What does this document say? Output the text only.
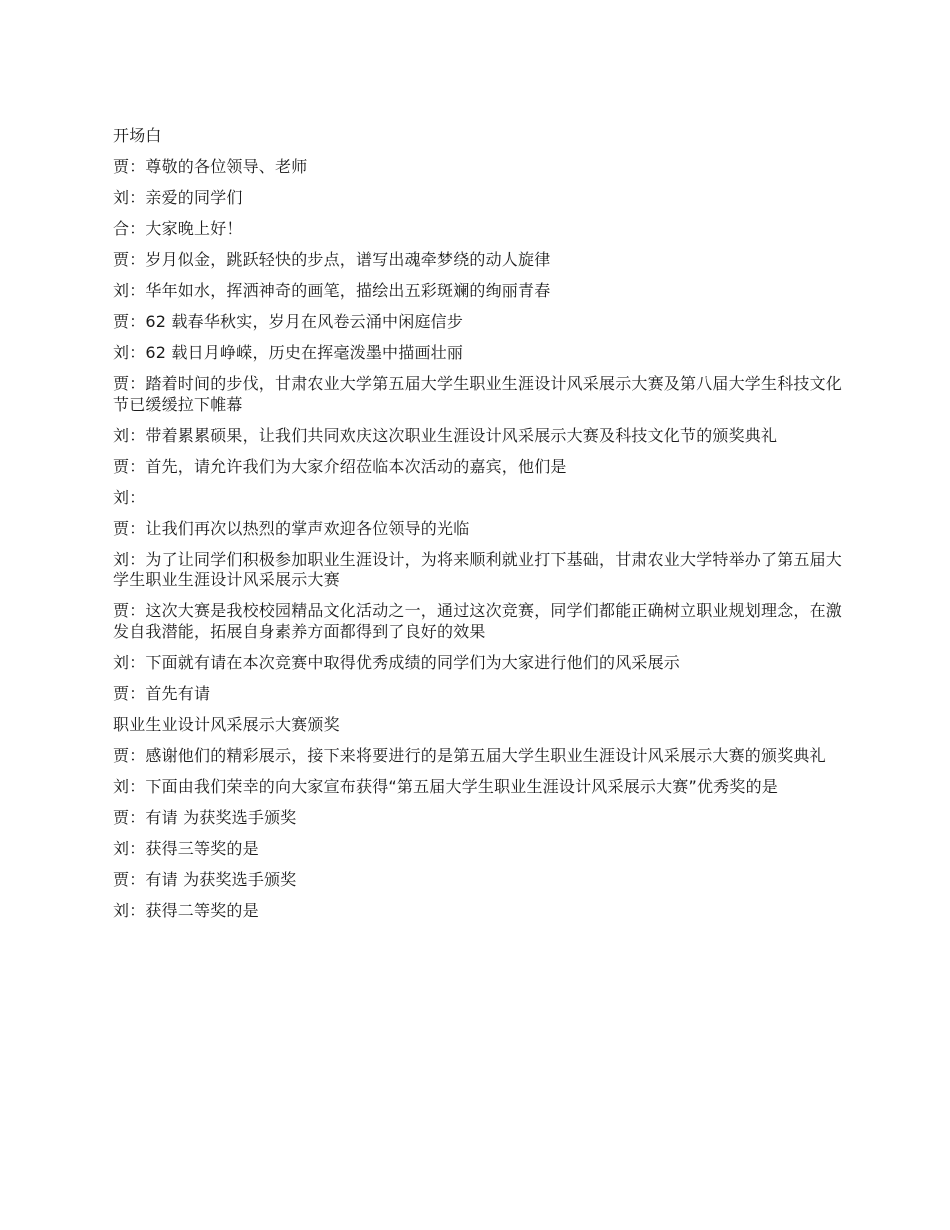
开场白

贾：尊敬的各位领导、老师

刘：亲爱的同学们

合：大家晚上好！

贾：岁月似金，跳跃轻快的步点，谱写出魂牵梦绕的动人旋律

刘：华年如水，挥洒神奇的画笔，描绘出五彩斑斓的绚丽青春

贾：62 载春华秋实，岁月在风卷云涌中闲庭信步

刘：62 载日月峥嵘，历史在挥毫泼墨中描画壮丽

贾：踏着时间的步伐，甘肃农业大学第五届大学生职业生涯设计风采展示大赛及第八届大学生科技文化节已缓缓拉下帷幕

刘：带着累累硕果，让我们共同欢庆这次职业生涯设计风采展示大赛及科技文化节的颁奖典礼

贾：首先，请允许我们为大家介绍莅临本次活动的嘉宾，他们是

刘：

贾：让我们再次以热烈的掌声欢迎各位领导的光临

刘：为了让同学们积极参加职业生涯设计，为将来顺利就业打下基础，甘肃农业大学特举办了第五届大学生职业生涯设计风采展示大赛

贾：这次大赛是我校校园精品文化活动之一，通过这次竞赛，同学们都能正确树立职业规划理念，在激发自我潜能，拓展自身素养方面都得到了良好的效果

刘：下面就有请在本次竞赛中取得优秀成绩的同学们为大家进行他们的风采展示

贾：首先有请

职业生业设计风采展示大赛颁奖

贾：感谢他们的精彩展示，接下来将要进行的是第五届大学生职业生涯设计风采展示大赛的颁奖典礼

刘：下面由我们荣幸的向大家宣布获得“第五届大学生职业生涯设计风采展示大赛”优秀奖的是

贾：有请 为获奖选手颁奖

刘：获得三等奖的是

贾：有请 为获奖选手颁奖

刘：获得二等奖的是
